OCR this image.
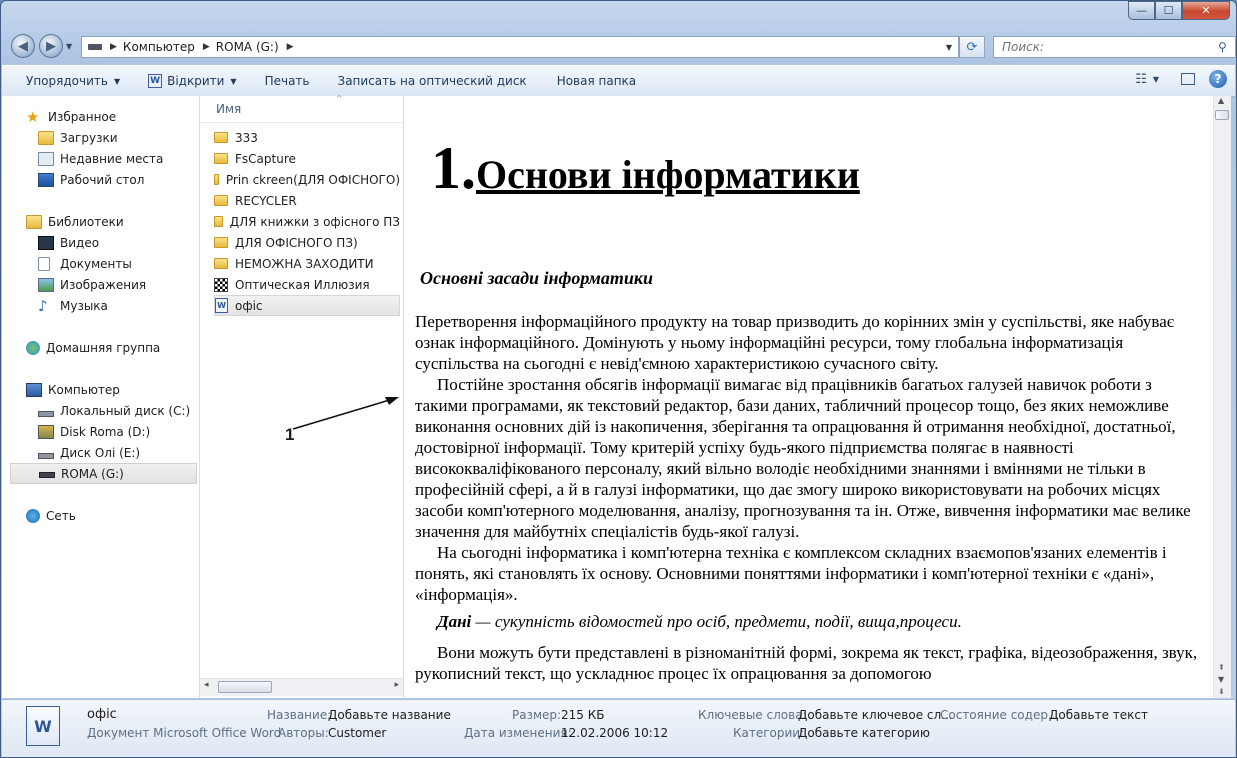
—	☐	✕
◀	▶	▼	▶ Компьютер ▶ ROMA (G:) ▶	▼	⟳
Поиск:	⚲
Упорядочить ▼	W Відкрити ▼ Печать Записать на оптический диск	Новая папка	☷ ▼	?
★ Избранное
Загрузки
Недавние места
Рабочий стол
Библиотеки
Видео
Документы
Изображения
♪	Музыка
Домашняя группа
Компьютер
Локальный диск (C:)
Disk Roma (D:)
Диск Олі (E:)
ROMA (G:)
Сеть
Имя
^
333
FsCapture
Prin ckreen(ДЛЯ ОФІСНОГО)
RECYCLER
ДЛЯ книжки з офісного ПЗ
ДЛЯ ОФІСНОГО ПЗ)
НЕМОЖНА ЗАХОДИТИ
Оптическая Иллюзия
W офіс
◂	▸
1.Основи інформатики
Основні засади інформатики
Перетворення інформаційного продукту на товар призводить до корінних змін у суспільстві, яке набуває ознак інформаційного. Домінують у ньому інформаційні ресурси, тому глобальна інформатизація суспільства на сьогодні є невід'ємною характеристикою сучасного світу.
Постійне зростання обсягів інформації вимагає від працівників багатьох галузей навичок роботи з такими програмами, як текстовий редактор, бази даних, табличний процесор тощо, без яких неможливе виконання основних дій із накопичення, зберігання та опрацювання й отримання необхідної, достатньої, достовірної інформації. Тому критерій успіху будь-якого підприємства полягає в наявності висококваліфікованого персоналу, який вільно володіє необхідними знаннями і вміннями не тільки в професійній сфері, а й в галузі інформатики, що дає змогу широко використовувати на робочих місцях засоби комп'ютерного моделювання, аналізу, прогнозування та ін. Отже, вивчення інформатики має велике значення для майбутніх спеціалістів будь-якої галузі.
На сьогодні інформатика і комп'ютерна техніка є комплексом складних взаємопов'язаних елементів і понять, які становлять їх основу. Основними поняттями інформатики і комп'ютерної техніки є «дані», «інформація».
Дані — сукупність відомостей про осіб, предмети, події, вища,процеси.
Вони можуть бути представлені в різноманітній формі, зокрема як текст, графіка, відеозображення, звук, рукописний текст, що ускладнює процес їх опрацювання за допомогою
1
▲
⇞
▼
⇟
W
офіс
Документ Microsoft Office Word
Название:
Добавьте название
Авторы: Customer
Размер: 215 КБ
Дата изменения:
12.02.2006 10:12
Ключевые слова:
Добавьте ключевое сл...
Категории:
Добавьте категорию
Состояние содер...
Добавьте текст
